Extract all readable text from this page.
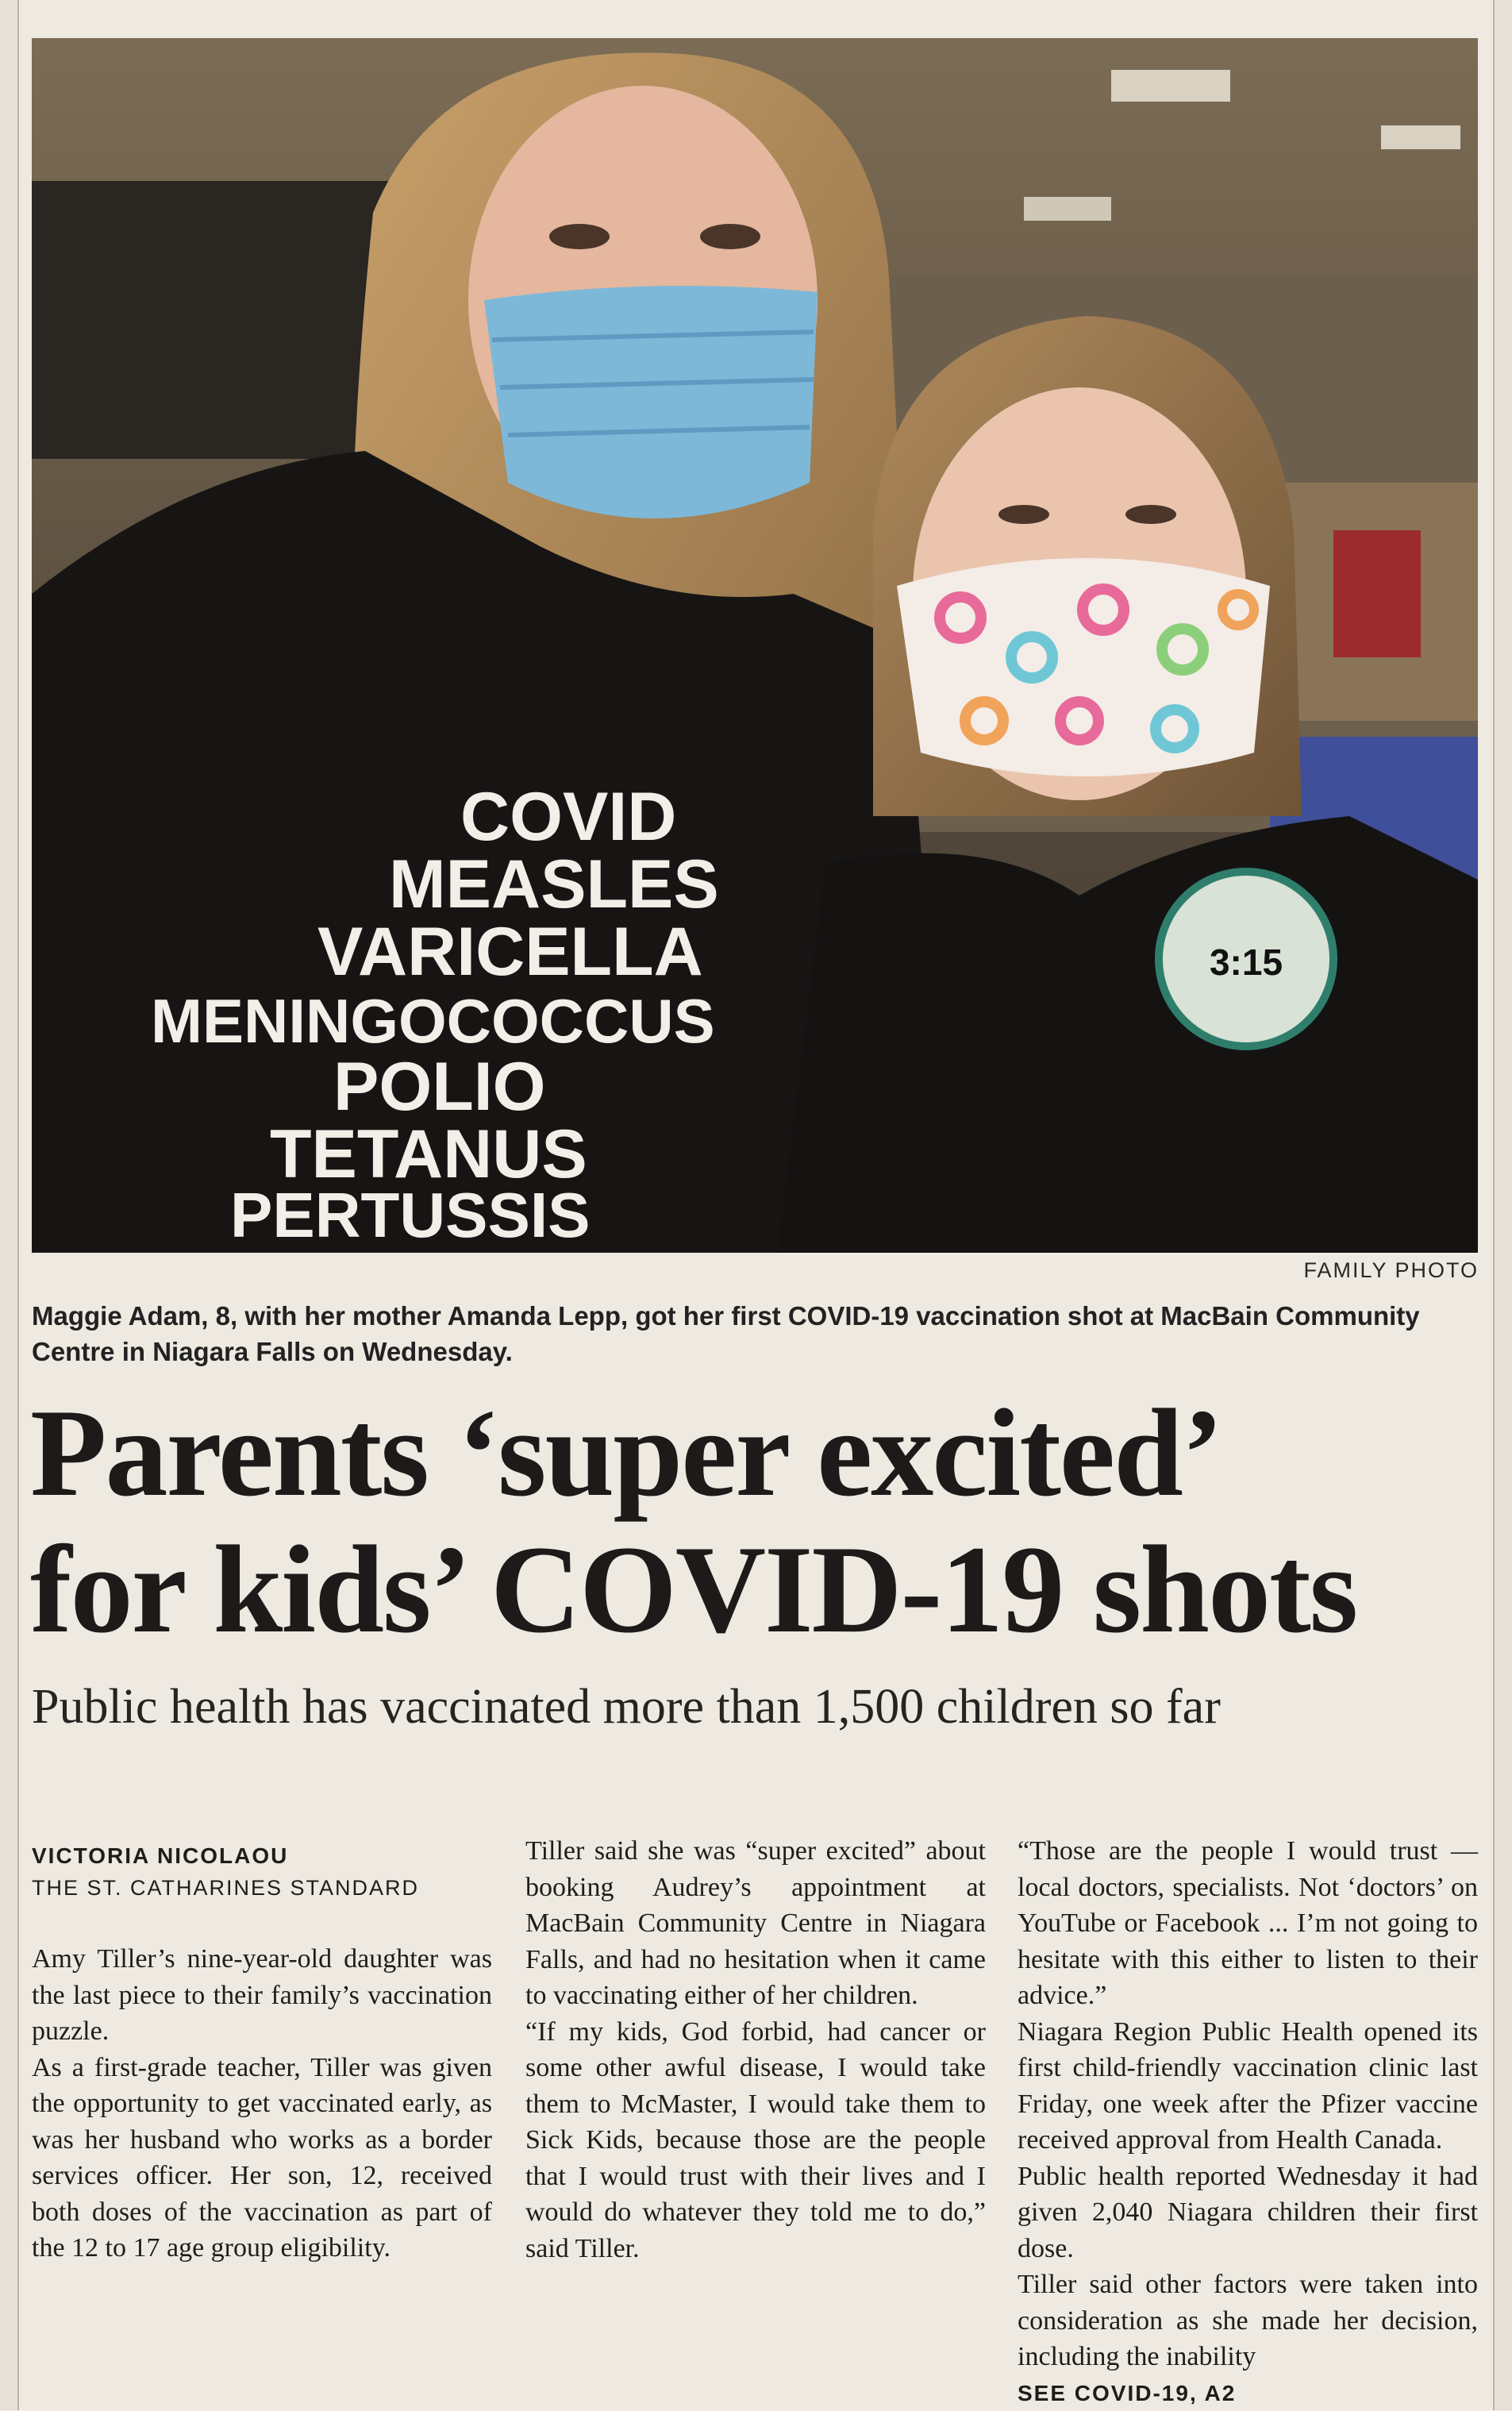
3:15
COVID
MEASLES
VARICELLA
MENINGOCOCCUS
POLIO
TETANUS
PERTUSSIS
FAMILY PHOTO
Maggie Adam, 8, with her mother Amanda Lepp, got her first COVID-19 vaccination shot at MacBain Community Centre in Niagara Falls on Wednesday.
Parents ‘super excited’
for kids’ COVID-19 shots
Public health has vaccinated more than 1,500 children so far
VICTORIA NICOLAOU
THE ST. CATHARINES STANDARD

Amy Tiller’s nine-year-old daughter was the last piece to their family’s vaccination puzzle.

As a first-grade teacher, Tiller was given the opportunity to get vaccinated early, as was her husband who works as a border services officer. Her son, 12, received both doses of the vaccination as part of the 12 to 17 age group eligibility.

Tiller said she was “super excited” about booking Audrey’s appointment at MacBain Community Centre in Niagara Falls, and had no hesitation when it came to vaccinating either of her children.

“If my kids, God forbid, had cancer or some other awful disease, I would take them to McMaster, I would take them to Sick Kids, because those are the people that I would trust with their lives and I would do whatever they told me to do,” said Tiller.

“Those are the people I would trust — local doctors, specialists. Not ‘doctors’ on YouTube or Facebook ... I’m not going to hesitate with this either to listen to their advice.”

Niagara Region Public Health opened its first child-friendly vaccination clinic last Friday, one week after the Pfizer vaccine received approval from Health Canada.

Public health reported Wednesday it had given 2,040 Niagara children their first dose.

Tiller said other factors were taken into consideration as she made her decision, including the inability

SEE COVID-19, A2
